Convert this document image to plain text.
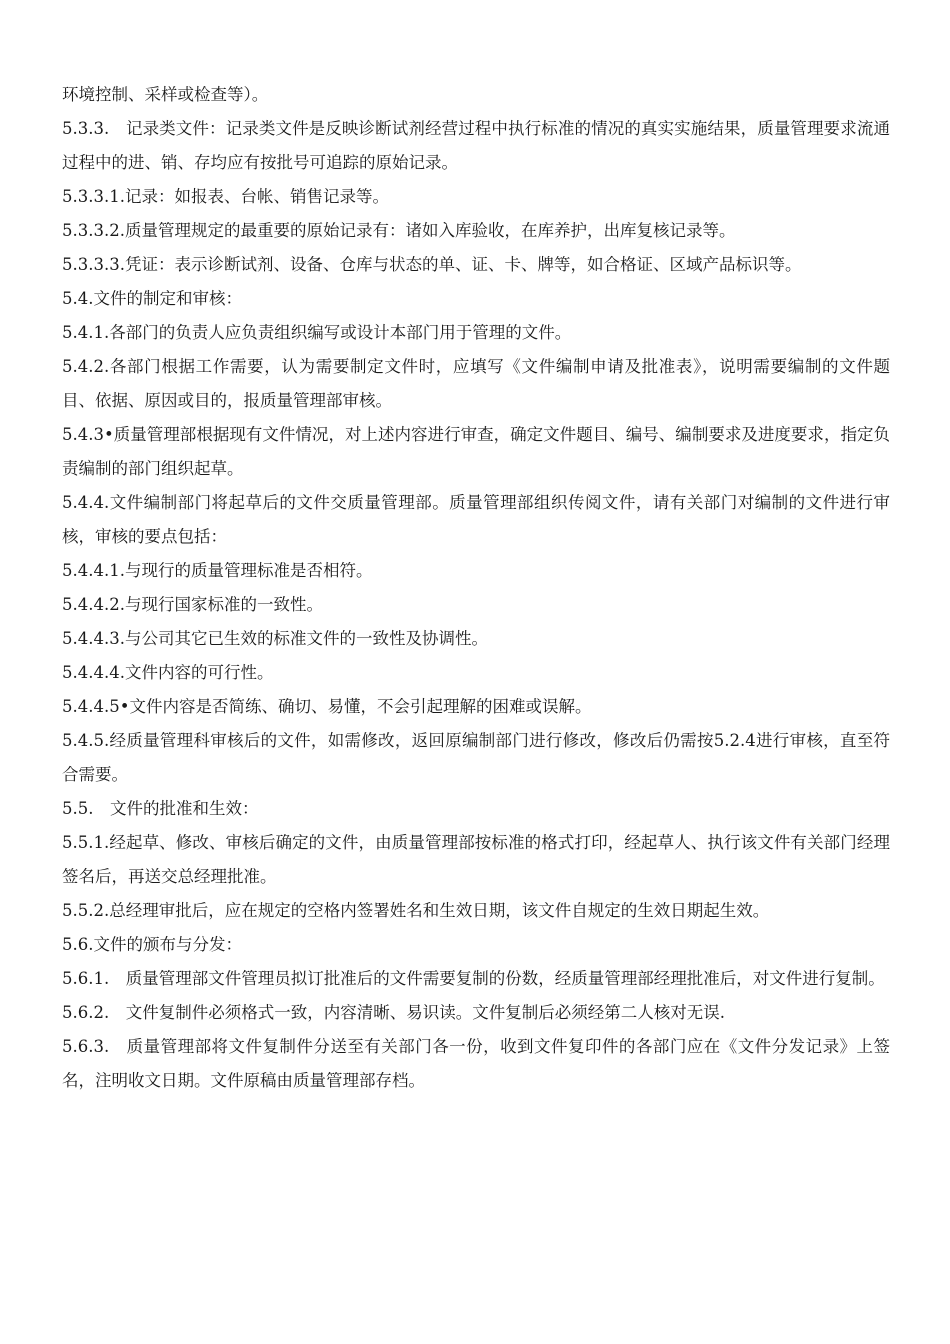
环境控制、采样或检查等）。

5.3.3.　记录类文件：记录类文件是反映诊断试剂经营过程中执行标准的情况的真实实施结果，质量管理要求流通过程中的进、销、存均应有按批号可追踪的原始记录。

5.3.3.1.记录：如报表、台帐、销售记录等。

5.3.3.2.质量管理规定的最重要的原始记录有：诸如入库验收，在库养护，出库复核记录等。

5.3.3.3.凭证：表示诊断试剂、设备、仓库与状态的单、证、卡、牌等，如合格证、区域产品标识等。

5.4.文件的制定和审核：

5.4.1.各部门的负责人应负责组织编写或设计本部门用于管理的文件。

5.4.2.各部门根据工作需要，认为需要制定文件时，应填写《文件编制申请及批准表》，说明需要编制的文件题目、依据、原因或目的，报质量管理部审核。

5.4.3•质量管理部根据现有文件情况，对上述内容进行审查，确定文件题目、编号、编制要求及进度要求，指定负责编制的部门组织起草。

5.4.4.文件编制部门将起草后的文件交质量管理部。质量管理部组织传阅文件，请有关部门对编制的文件进行审核，审核的要点包括：

5.4.4.1.与现行的质量管理标准是否相符。

5.4.4.2.与现行国家标准的一致性。

5.4.4.3.与公司其它已生效的标准文件的一致性及协调性。

5.4.4.4.文件内容的可行性。

5.4.4.5•文件内容是否简练、确切、易懂，不会引起理解的困难或误解。

5.4.5.经质量管理科审核后的文件，如需修改，返回原编制部门进行修改，修改后仍需按5.2.4进行审核，直至符合需要。

5.5.　文件的批准和生效：

5.5.1.经起草、修改、审核后确定的文件，由质量管理部按标准的格式打印，经起草人、执行该文件有关部门经理签名后，再送交总经理批准。

5.5.2.总经理审批后，应在规定的空格内签署姓名和生效日期，该文件自规定的生效日期起生效。

5.6.文件的颁布与分发：

5.6.1.　质量管理部文件管理员拟订批准后的文件需要复制的份数，经质量管理部经理批准后，对文件进行复制。

5.6.2.　文件复制件必须格式一致，内容清晰、易识读。文件复制后必须经第二人核对无误.

5.6.3.　质量管理部将文件复制件分送至有关部门各一份，收到文件复印件的各部门应在《文件分发记录》上签名，注明收文日期。文件原稿由质量管理部存档。
